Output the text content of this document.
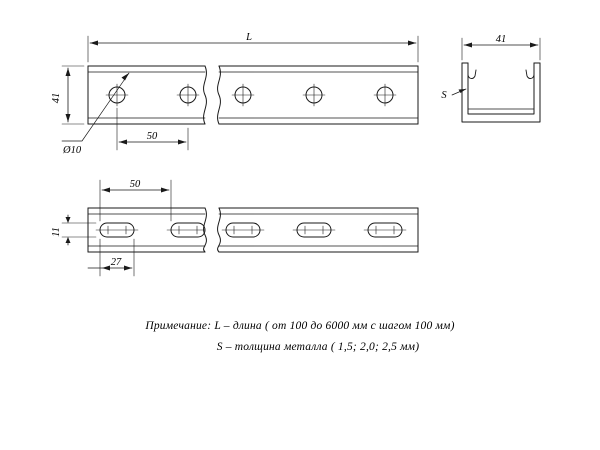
L
41
Ø10
50
41
S
50
11
27
Примечание: L – длина ( от 100 до 6000 мм с шагом 100 мм)
S – толщина металла ( 1,5; 2,0; 2,5 мм)
